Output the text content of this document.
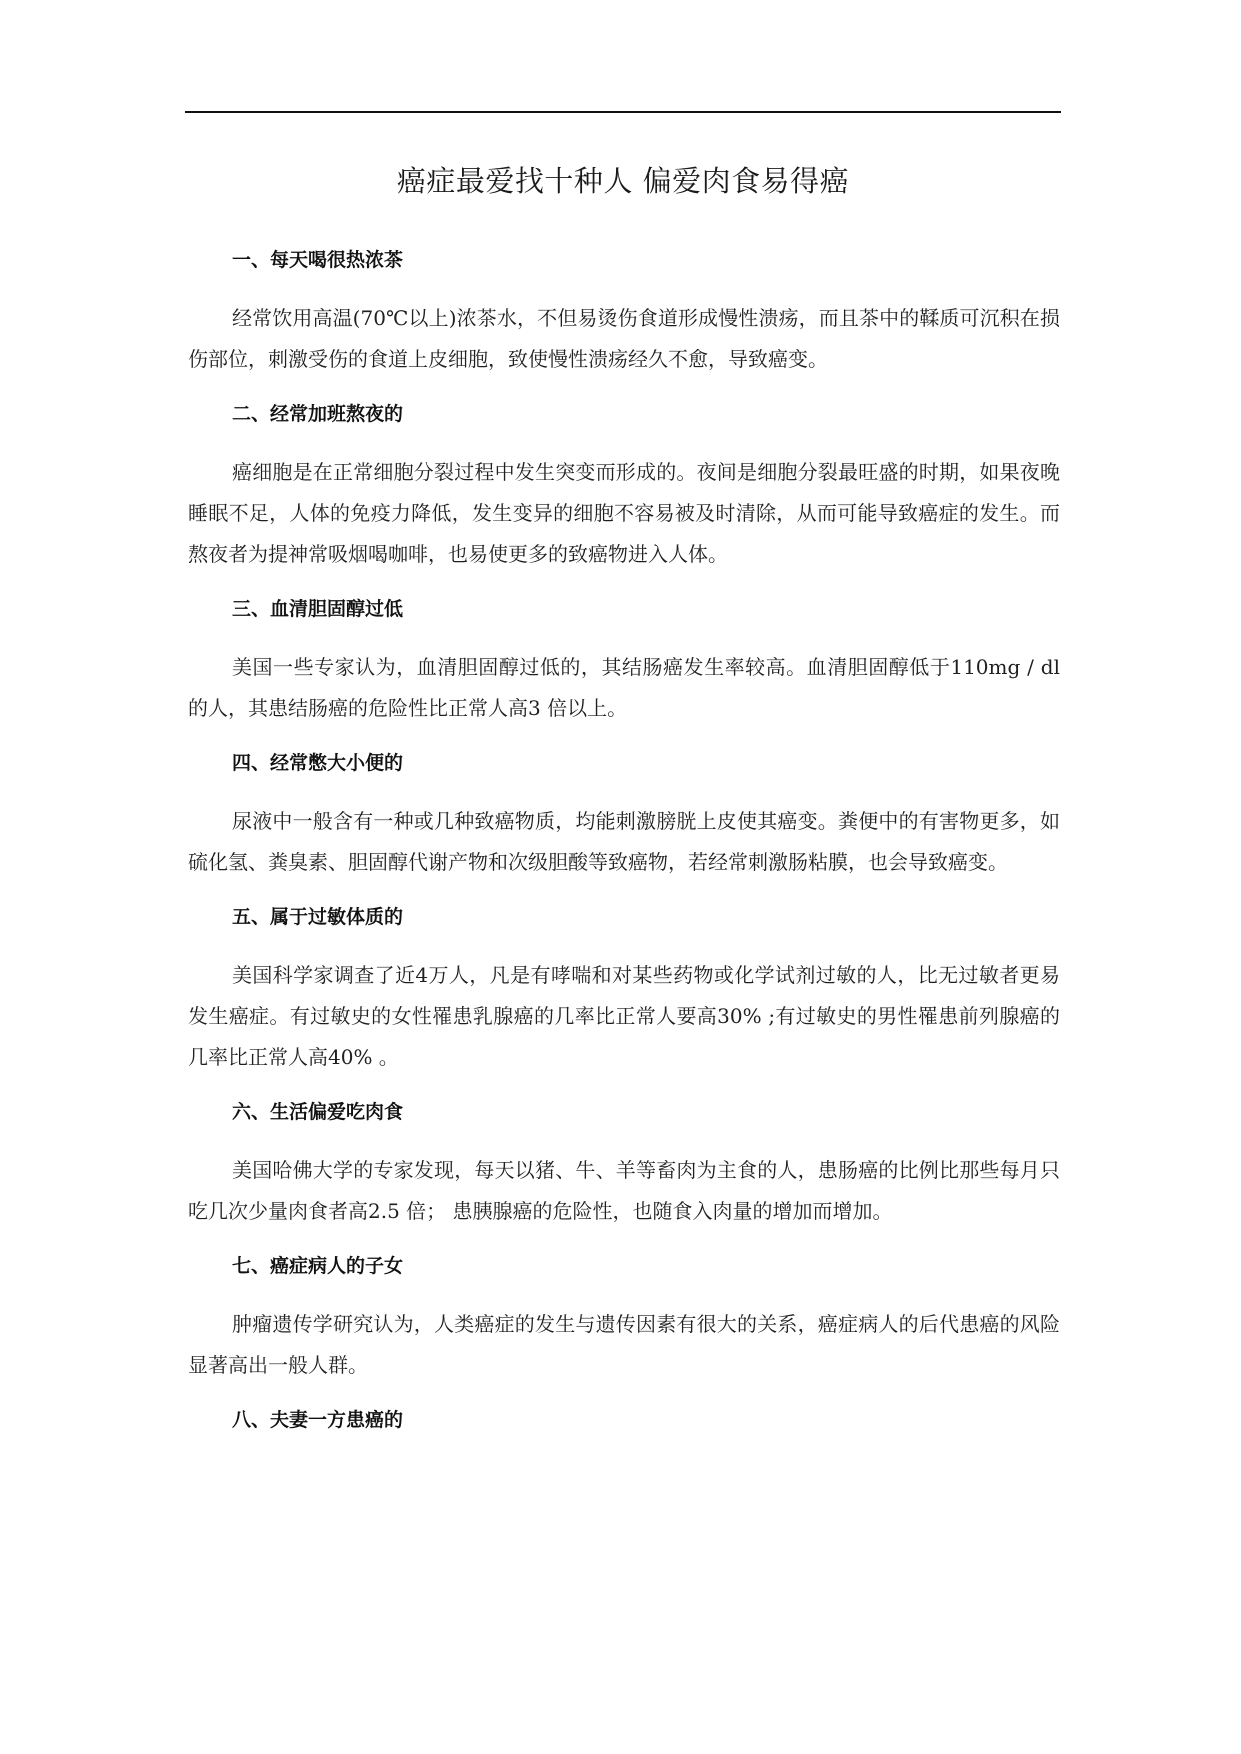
癌症最爱找十种人 偏爱肉食易得癌

一、每天喝很热浓茶

经常饮用高温(70℃以上)浓茶水，不但易烫伤食道形成慢性溃疡，而且茶中的鞣质可沉积在损伤部位，刺激受伤的食道上皮细胞，致使慢性溃疡经久不愈，导致癌变。

二、经常加班熬夜的

癌细胞是在正常细胞分裂过程中发生突变而形成的。夜间是细胞分裂最旺盛的时期，如果夜晚睡眠不足，人体的免疫力降低，发生变异的细胞不容易被及时清除，从而可能导致癌症的发生。而熬夜者为提神常吸烟喝咖啡，也易使更多的致癌物进入人体。

三、血清胆固醇过低

美国一些专家认为，血清胆固醇过低的，其结肠癌发生率较高。血清胆固醇低于110mg / dl 的人，其患结肠癌的危险性比正常人高3 倍以上。

四、经常憋大小便的

尿液中一般含有一种或几种致癌物质，均能刺激膀胱上皮使其癌变。粪便中的有害物更多，如硫化氢、粪臭素、胆固醇代谢产物和次级胆酸等致癌物，若经常刺激肠粘膜，也会导致癌变。

五、属于过敏体质的

美国科学家调查了近4万人，凡是有哮喘和对某些药物或化学试剂过敏的人，比无过敏者更易发生癌症。有过敏史的女性罹患乳腺癌的几率比正常人要高30% ;有过敏史的男性罹患前列腺癌的几率比正常人高40% 。

六、生活偏爱吃肉食

美国哈佛大学的专家发现，每天以猪、牛、羊等畜肉为主食的人，患肠癌的比例比那些每月只吃几次少量肉食者高2.5 倍； 患胰腺癌的危险性，也随食入肉量的增加而增加。

七、癌症病人的子女

肿瘤遗传学研究认为，人类癌症的发生与遗传因素有很大的关系，癌症病人的后代患癌的风险显著高出一般人群。

八、夫妻一方患癌的
